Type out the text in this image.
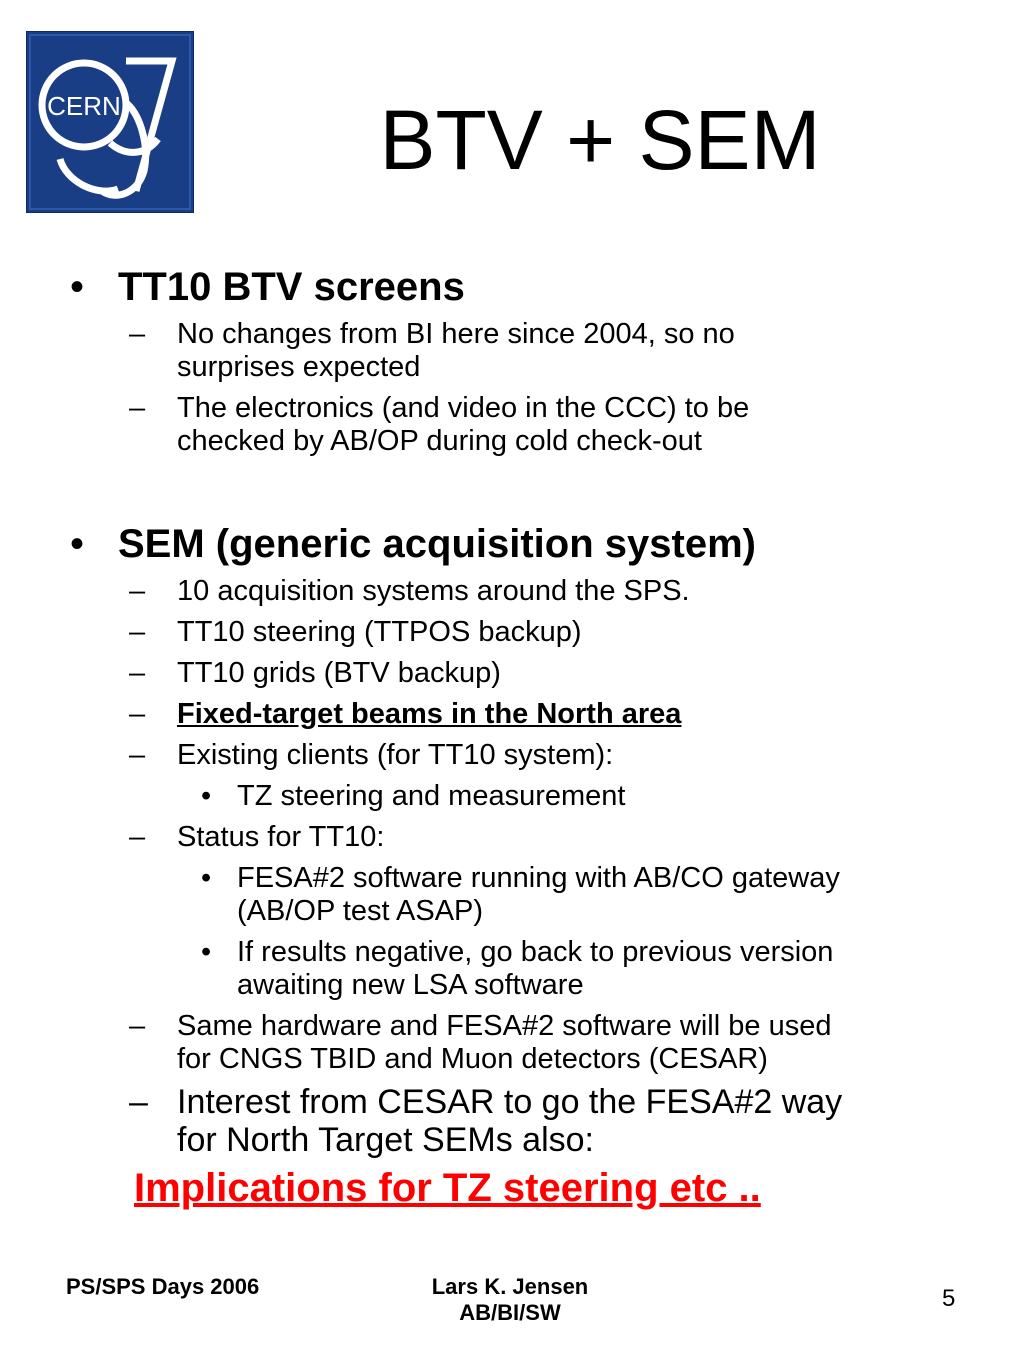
CERN	BTV + SEM
• TT10 BTV screens
– No changes from BI here since 2004, so no
surprises expected
– The electronics (and video in the CCC) to be
checked by AB/OP during cold check-out
• SEM (generic acquisition system)
– 10 acquisition systems around the SPS.
– TT10 steering (TTPOS backup)
– TT10 grids (BTV backup)
– Fixed-target beams in the North area
– Existing clients (for TT10 system):
• TZ steering and measurement
– Status for TT10:
• FESA#2 software running with AB/CO gateway
(AB/OP test ASAP)
• If results negative, go back to previous version
awaiting new LSA software
– Same hardware and FESA#2 software will be used
for CNGS TBID and Muon detectors (CESAR)
– Interest from CESAR to go the FESA#2 way
for North Target SEMs also:
Implications for TZ steering etc ..
PS/SPS Days 2006	Lars K. Jensen
AB/BI/SW
5
